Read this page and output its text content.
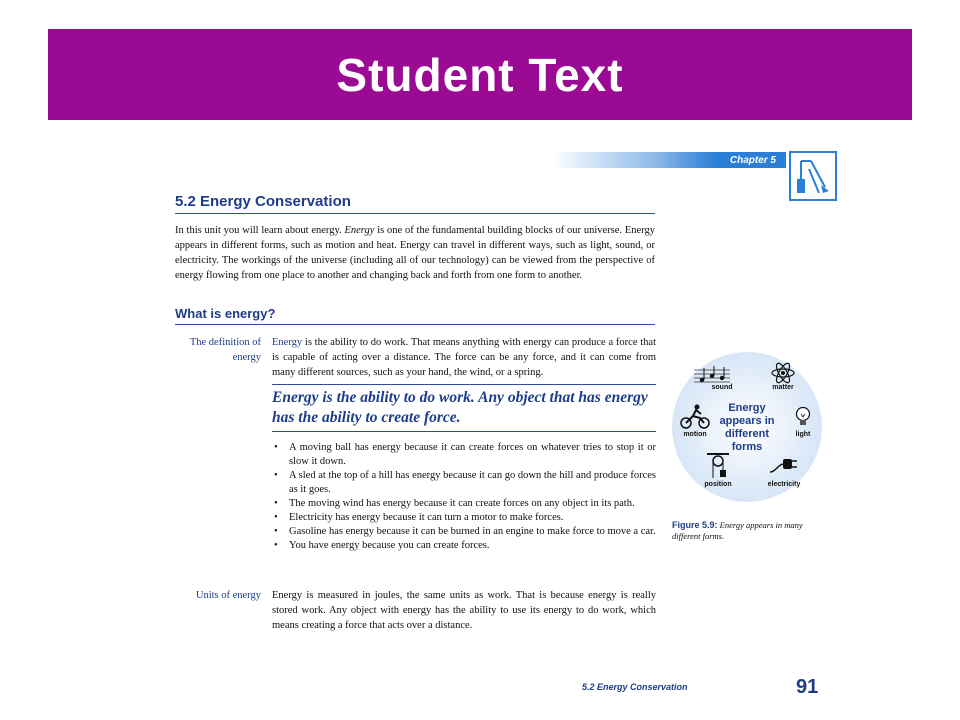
Student Text
Chapter 5
5.2 Energy Conservation

In this unit you will learn about energy. Energy is one of the fundamental building blocks of our universe. Energy appears in different forms, such as motion and heat. Energy can travel in different ways, such as light, sound, or electricity. The workings of the universe (including all of our technology) can be viewed from the perspective of energy flowing from one place to another and changing back and forth from one form to another.

What is energy?
The definition of energy

Energy is the ability to do work. That means anything with energy can produce a force that is capable of acting over a distance. The force can be any force, and it can come from many different sources, such as your hand, the wind, or a spring.

Energy is the ability to do work. Any object that has energy has the ability to create force.

• A moving ball has energy because it can create forces on whatever tries to stop it or slow it down.
• A sled at the top of a hill has energy because it can go down the hill and produce forces as it goes.
• The moving wind has energy because it can create forces on any object in its path.
• Electricity has energy because it can turn a motor to make forces.
• Gasoline has energy because it can be burned in an engine to make force to move a car.
• You have energy because you can create forces.
Units of energy Energy is measured in joules, the same units as work. That is because energy is really stored work. Any object with energy has the ability to use its energy to do work, which means creating a force that acts over a distance.

sound	matter
motion	light
position	electricity
Energy appears in different forms
Figure 5.9: Energy appears in many different forms.
5.2 Energy Conservation	91
